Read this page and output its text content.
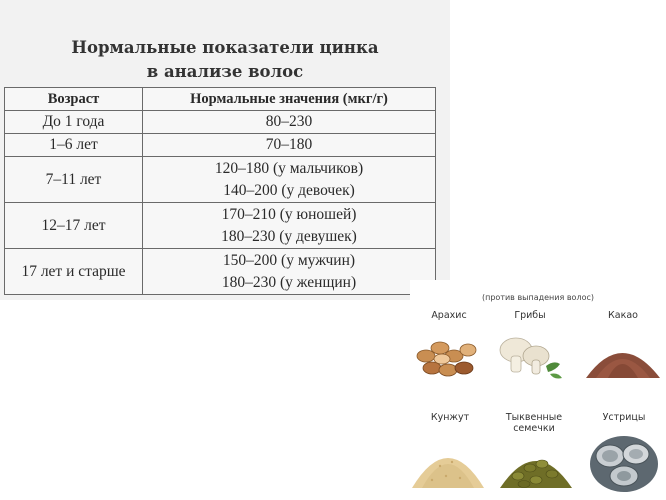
Нормальные показатели цинка
в анализе волос
Возраст	Нормальные значения (мкг/г)
До 1 года	80–230

1–6 лет	70–180

7–11 лет	120–180 (у мальчиков)
140–200 (у девочек)

12–17 лет	170–210 (у юношей)
180–230 (у девушек)

17 лет и старше	150–200 (у мужчин)
180–230 (у женщин)
(против выпадения волос)
Арахис	Грибы	Какао
Кунжут	Тыквенные семечки
Устрицы
